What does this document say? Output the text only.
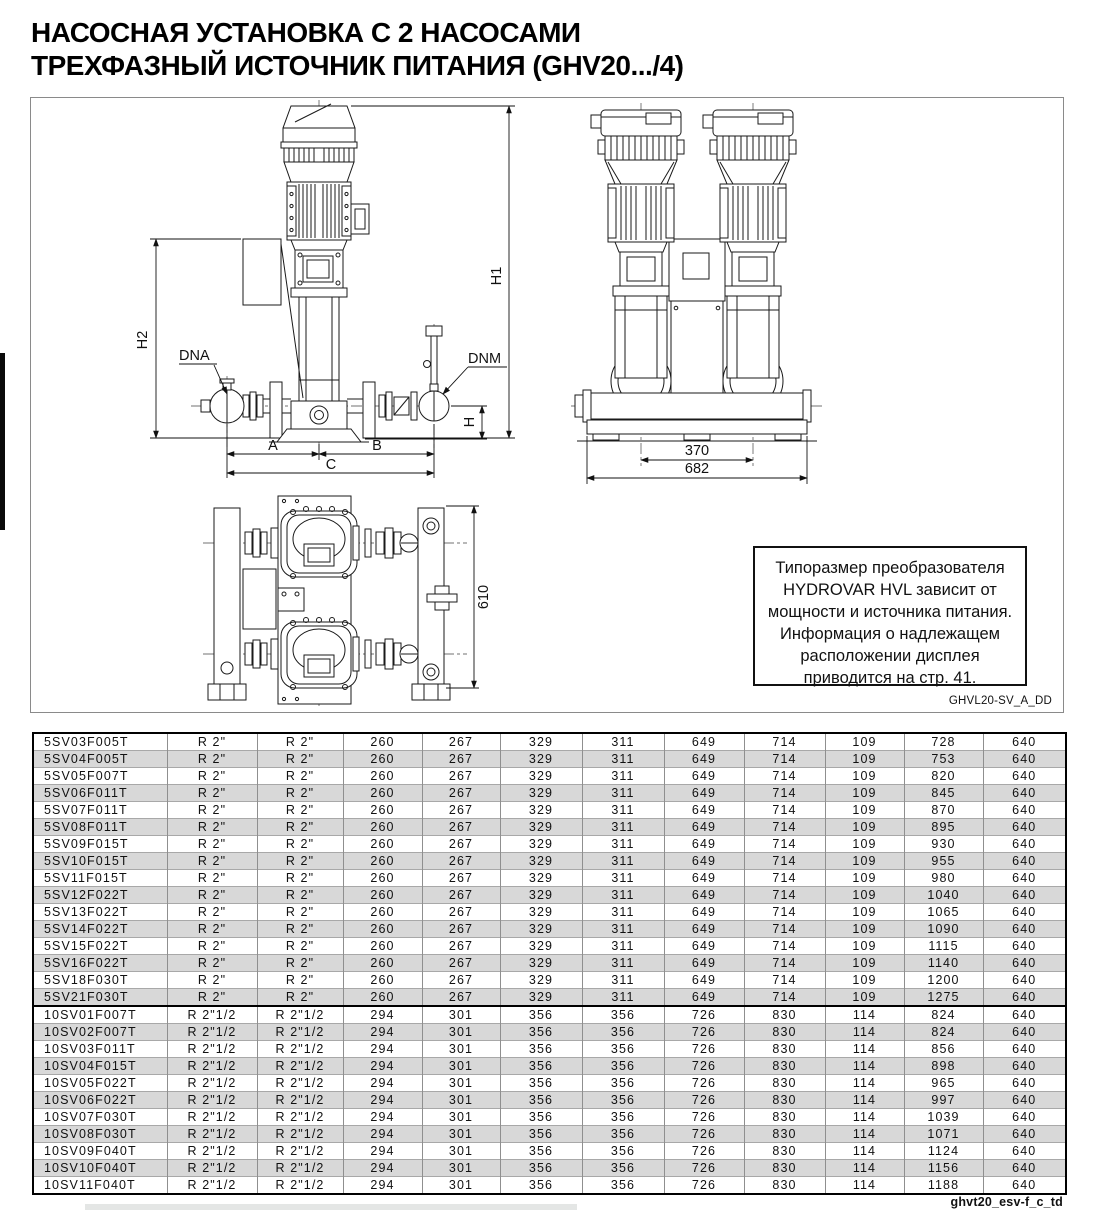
НАСОСНАЯ УСТАНОВКА С 2 НАСОСАМИ
ТРЕХФАЗНЫЙ ИСТОЧНИК ПИТАНИЯ (GHV20.../4)
H1
H2
H
A	B
C
DNA	DNM
370
682
610
Типоразмер преобразователя
HYDROVAR HVL зависит от
мощности и источника питания.
Информация о надлежащем
расположении дисплея
приводится на стр. 41.
GHVL20-SV_A_DD
5SV03F005T	R 2"	R 2"	260	267	329	311	649	714	109	728	640
5SV04F005T	R 2"	R 2"	260	267	329	311	649	714	109	753	640
5SV05F007T	R 2"	R 2"	260	267	329	311	649	714	109	820	640
5SV06F011T	R 2"	R 2"	260	267	329	311	649	714	109	845	640
5SV07F011T	R 2"	R 2"	260	267	329	311	649	714	109	870	640
5SV08F011T	R 2"	R 2"	260	267	329	311	649	714	109	895	640
5SV09F015T	R 2"	R 2"	260	267	329	311	649	714	109	930	640
5SV10F015T	R 2"	R 2"	260	267	329	311	649	714	109	955	640
5SV11F015T	R 2"	R 2"	260	267	329	311	649	714	109	980	640
5SV12F022T	R 2"	R 2"	260	267	329	311	649	714	109	1040	640
5SV13F022T	R 2"	R 2"	260	267	329	311	649	714	109	1065	640
5SV14F022T	R 2"	R 2"	260	267	329	311	649	714	109	1090	640
5SV15F022T	R 2"	R 2"	260	267	329	311	649	714	109	1115	640
5SV16F022T	R 2"	R 2"	260	267	329	311	649	714	109	1140	640
5SV18F030T	R 2"	R 2"	260	267	329	311	649	714	109	1200	640
5SV21F030T	R 2"	R 2"	260	267	329	311	649	714	109	1275	640
10SV01F007T	R 2"1/2	R 2"1/2	294	301	356	356	726	830	114	824	640
10SV02F007T	R 2"1/2	R 2"1/2	294	301	356	356	726	830	114	824	640
10SV03F011T	R 2"1/2	R 2"1/2	294	301	356	356	726	830	114	856	640
10SV04F015T	R 2"1/2	R 2"1/2	294	301	356	356	726	830	114	898	640
10SV05F022T	R 2"1/2	R 2"1/2	294	301	356	356	726	830	114	965	640
10SV06F022T	R 2"1/2	R 2"1/2	294	301	356	356	726	830	114	997	640
10SV07F030T	R 2"1/2	R 2"1/2	294	301	356	356	726	830	114	1039	640
10SV08F030T	R 2"1/2	R 2"1/2	294	301	356	356	726	830	114	1071	640
10SV09F040T	R 2"1/2	R 2"1/2	294	301	356	356	726	830	114	1124	640
10SV10F040T	R 2"1/2	R 2"1/2	294	301	356	356	726	830	114	1156	640
10SV11F040T	R 2"1/2	R 2"1/2	294	301	356	356	726	830	114	1188	640
ghvt20_esv-f_c_td
